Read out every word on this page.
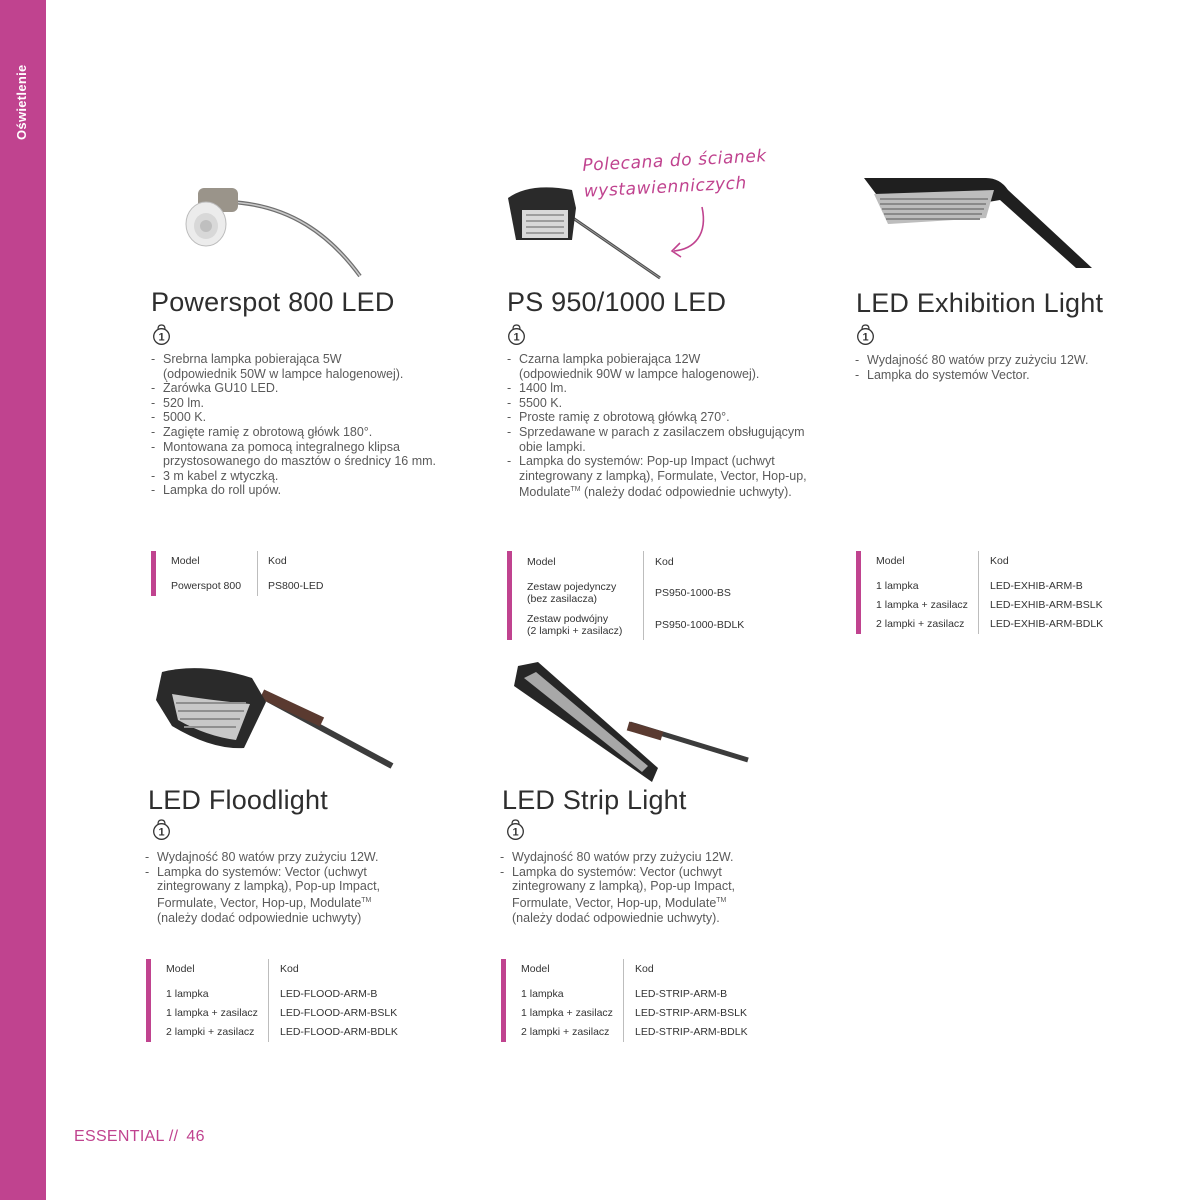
Oświetlenie
Polecana do ścianek
wystawienniczych
Powerspot 800 LED	PS 950/1000 LED	LED Exhibition Light
LED Floodlight	LED Strip Light
1	1	1
1	1
- Srebrna lampka pobierająca 5W
(odpowiednik 50W w lampce halogenowej).
- Żarówka GU10 LED.
- 520 lm.
- 5000 K.
- Zagięte ramię z obrotową główk 180°.
- Montowana za pomocą integralnego klipsa
przystosowanego do masztów o średnicy 16 mm.
- 3 m kabel z wtyczką.
- Lampka do roll upów.
- Czarna lampka pobierająca 12W
(odpowiednik 90W w lampce halogenowej).
- 1400 lm.
- 5500 K.
- Proste ramię z obrotową główką 270°.
- Sprzedawane w parach z zasilaczem obsługującym
obie lampki.
- Lampka do systemów: Pop-up Impact (uchwyt
zintegrowany z lampką), Formulate, Vector, Hop-up,
Modulate™ (należy dodać odpowiednie uchwyty).
- Wydajność 80 watów przy zużyciu 12W.
- Lampka do systemów Vector.
- Wydajność 80 watów przy zużyciu 12W.
- Lampka do systemów: Vector (uchwyt
zintegrowany z lampką), Pop-up Impact,
Formulate, Vector, Hop-up, Modulate™
(należy dodać odpowiednie uchwyty)
- Wydajność 80 watów przy zużyciu 12W.
- Lampka do systemów: Vector (uchwyt
zintegrowany z lampką), Pop-up Impact,
Formulate, Vector, Hop-up, Modulate™
(należy dodać odpowiednie uchwyty).
Model	Kod
Powerspot 800	PS800-LED
Model	Kod
Zestaw pojedynczy
(bez zasilacza)	PS950-1000-BS
Zestaw podwójny
(2 lampki + zasilacz)	PS950-1000-BDLK
Model	Kod
1 lampka	LED-EXHIB-ARM-B
1 lampka + zasilacz LED-EXHIB-ARM-BSLK
2 lampki + zasilacz LED-EXHIB-ARM-BDLK
Model	Kod
1 lampka	LED-FLOOD-ARM-B
1 lampka + zasilacz LED-FLOOD-ARM-BSLK
2 lampki + zasilacz LED-FLOOD-ARM-BDLK
Model	Kod
1 lampka	LED-STRIP-ARM-B
1 lampka + zasilacz LED-STRIP-ARM-BSLK
2 lampki + zasilacz LED-STRIP-ARM-BDLK
ESSENTIAL // 46
